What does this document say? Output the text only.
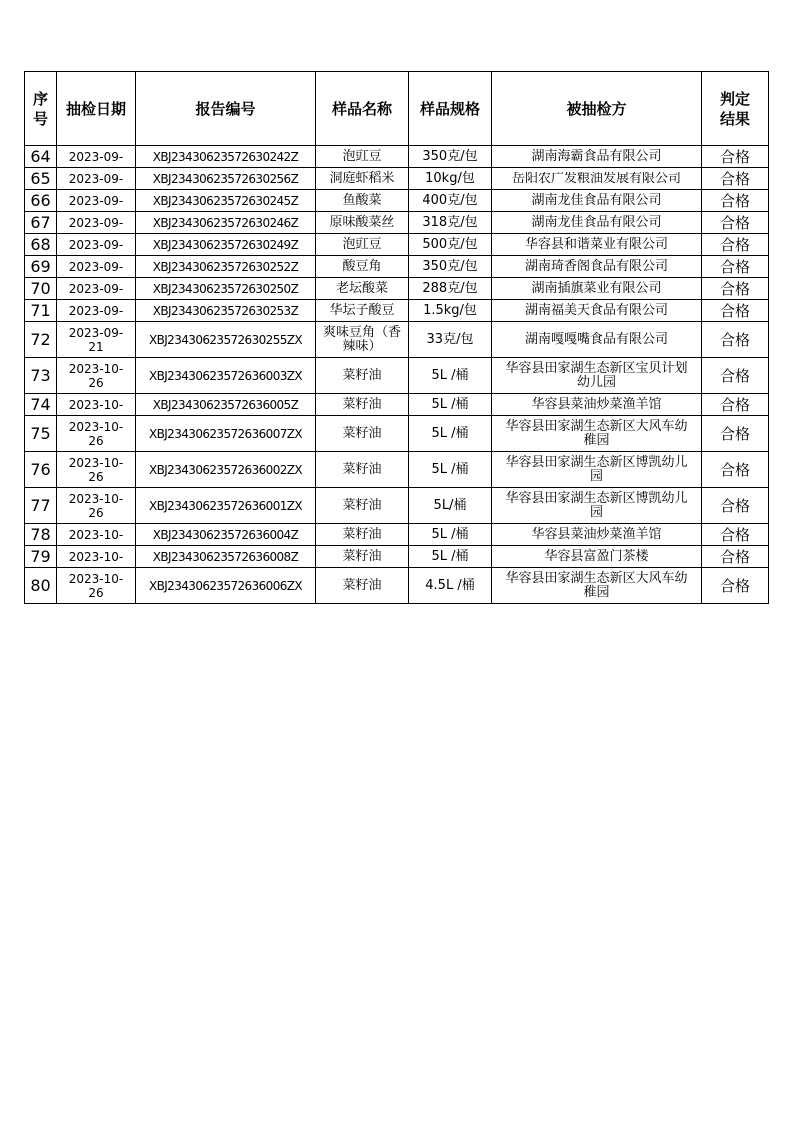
序号	抽检日期	报告编号	样品名称	样品规格	被抽检方	判定结果

64	2023-09-	XBJ23430623572630242Z	泡豇豆	350克/包	湖南海霸食品有限公司	合格
65	2023-09-	XBJ23430623572630256Z	洞庭虾稻米	10kg/包	岳阳农广发粮油发展有限公司	合格
66	2023-09-	XBJ23430623572630245Z	鱼酸菜	400克/包	湖南龙佳食品有限公司	合格
67	2023-09-	XBJ23430623572630246Z	原味酸菜丝	318克/包	湖南龙佳食品有限公司	合格
68	2023-09-	XBJ23430623572630249Z	泡豇豆	500克/包	华容县和谐菜业有限公司	合格
69	2023-09-	XBJ23430623572630252Z	酸豆角	350克/包	湖南琦香阁食品有限公司	合格
70	2023-09-	XBJ23430623572630250Z	老坛酸菜	288克/包	湖南插旗菜业有限公司	合格
71	2023-09-	XBJ23430623572630253Z	华坛子酸豆	1.5kg/包	湖南福美天食品有限公司	合格
72	2023-09-21	XBJ23430623572630255ZX	爽味豆角（香辣味）	33克/包	湖南嘎嘎嘴食品有限公司	合格
73	2023-10-26	XBJ23430623572636003ZX	菜籽油	5L /桶	华容县田家湖生态新区宝贝计划幼儿园	合格
74	2023-10-	XBJ23430623572636005Z	菜籽油	5L /桶	华容县菜油炒菜渔羊馆	合格
75	2023-10-26	XBJ23430623572636007ZX	菜籽油	5L /桶	华容县田家湖生态新区大风车幼稚园	合格
76	2023-10-26	XBJ23430623572636002ZX	菜籽油	5L /桶	华容县田家湖生态新区博凯幼儿园	合格
77	2023-10-26	XBJ23430623572636001ZX	菜籽油	5L/桶	华容县田家湖生态新区博凯幼儿园	合格
78	2023-10-	XBJ23430623572636004Z	菜籽油	5L /桶	华容县菜油炒菜渔羊馆	合格
79	2023-10-	XBJ23430623572636008Z	菜籽油	5L /桶	华容县富盈门茶楼	合格
80	2023-10-26	XBJ23430623572636006ZX	菜籽油	4.5L /桶	华容县田家湖生态新区大风车幼稚园	合格
